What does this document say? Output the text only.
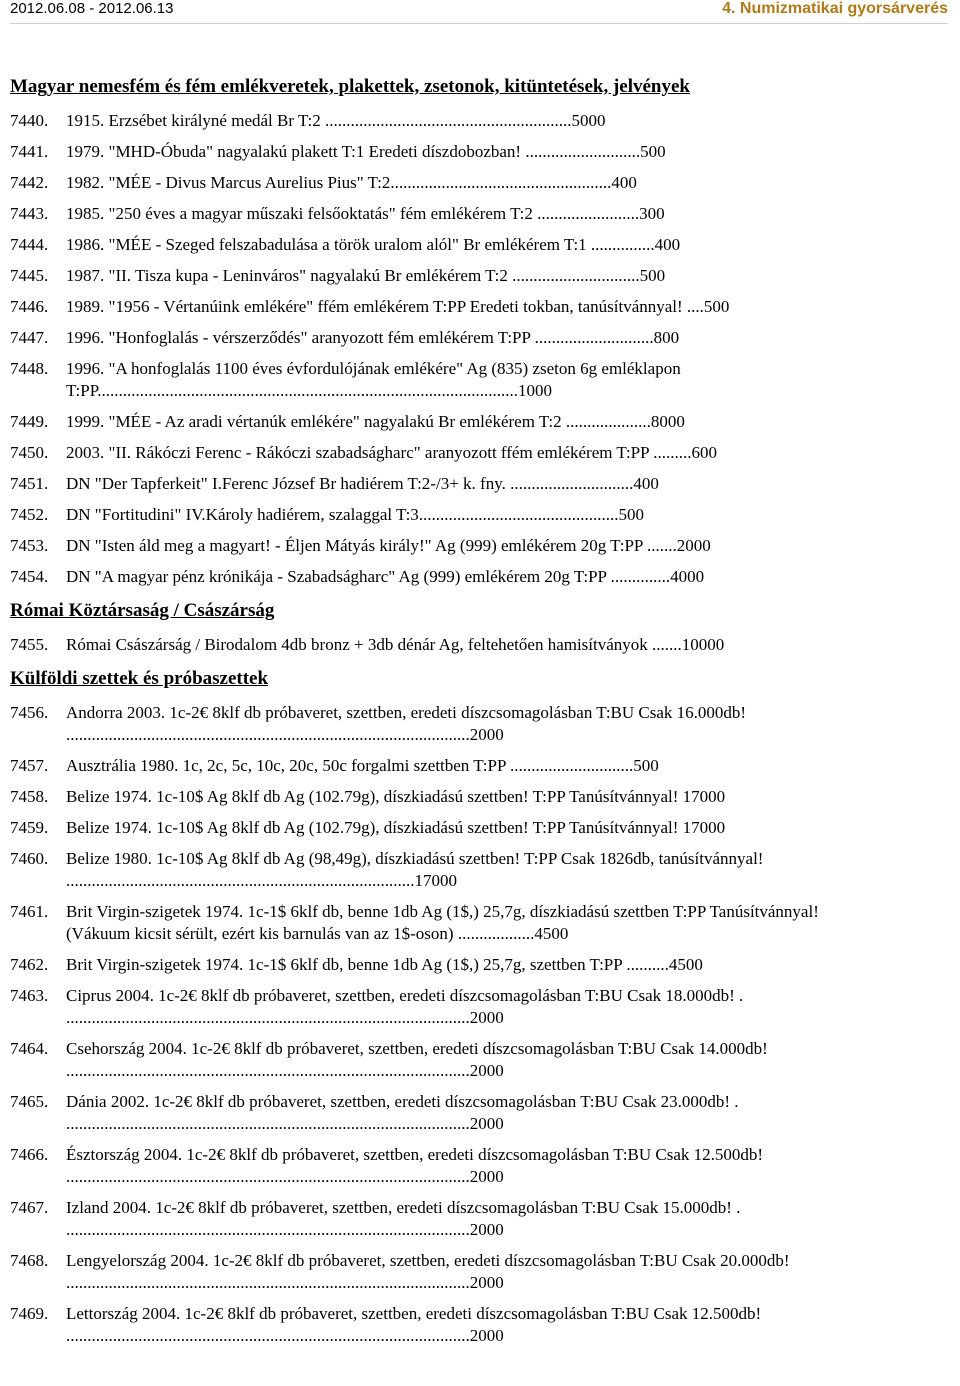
2012.06.08 - 2012.06.13	4. Numizmatikai gyorsárverés
Magyar nemesfém és fém emlékveretek, plakettek, zsetonok, kitüntetések, jelvények
7440.	1915. Erzsébet királyné medál Br T:2 ..........................................................5000
7441.	1979. "MHD-Óbuda" nagyalakú plakett T:1 Eredeti díszdobozban! ...........................500
7442.	1982. "MÉE - Divus Marcus Aurelius Pius" T:2....................................................400
7443.	1985. "250 éves a magyar műszaki felsőoktatás" fém emlékérem T:2 ........................300
7444.	1986. "MÉE - Szeged felszabadulása a török uralom alól" Br emlékérem T:1 ...............400
7445.	1987. "II. Tisza kupa - Leninváros" nagyalakú Br emlékérem T:2 ..............................500
7446.	1989. "1956 - Vértanúink emlékére" ffém emlékérem T:PP Eredeti tokban, tanúsítvánnyal! ....500
7447.	1996. "Honfoglalás - vérszerződés" aranyozott fém emlékérem T:PP ............................800
7448.	1996. "A honfoglalás 1100 éves évfordulójának emlékére" Ag (835) zseton 6g emléklapon T:PP...................................................................................................1000
7449.	1999. "MÉE - Az aradi vértanúk emlékére" nagyalakú Br emlékérem T:2 ....................8000
7450.	2003. "II. Rákóczi Ferenc - Rákóczi szabadságharc" aranyozott ffém emlékérem T:PP .........600
7451.	DN "Der Tapferkeit" I.Ferenc József Br hadiérem T:2-/3+ k. fny. .............................400
7452.	DN "Fortitudini" IV.Károly hadiérem, szalaggal T:3...............................................500
7453.	DN "Isten áld meg a magyart! - Éljen Mátyás király!" Ag (999) emlékérem 20g T:PP .......2000
7454.	DN "A magyar pénz krónikája - Szabadságharc" Ag (999) emlékérem 20g T:PP ..............4000
Római Köztársaság / Császárság
7455.	Római Császárság / Birodalom 4db bronz + 3db dénár Ag, feltehetően hamisítványok .......10000
Külföldi szettek és próbaszettek
7456.	Andorra 2003. 1c-2€ 8klf db próbaveret, szettben, eredeti díszcsomagolásban T:BU Csak 16.000db! ...............................................................................................2000
7457.	Ausztrália 1980. 1c, 2c, 5c, 10c, 20c, 50c forgalmi szettben T:PP .............................500
7458.	Belize 1974. 1c-10$ Ag 8klf db Ag (102.79g), díszkiadású szettben! T:PP Tanúsítvánnyal! 17000
7459.	Belize 1974. 1c-10$ Ag 8klf db Ag (102.79g), díszkiadású szettben! T:PP Tanúsítvánnyal! 17000
7460.	Belize 1980. 1c-10$ Ag 8klf db Ag (98,49g), díszkiadású szettben! T:PP Csak 1826db, tanúsítvánnyal! ..................................................................................17000
7461.	Brit Virgin-szigetek 1974. 1c-1$ 6klf db, benne 1db Ag (1$,) 25,7g, díszkiadású szettben T:PP Tanúsítvánnyal! (Vákuum kicsit sérült, ezért kis barnulás van az 1$-oson) ..................4500
7462.	Brit Virgin-szigetek 1974. 1c-1$ 6klf db, benne 1db Ag (1$,) 25,7g, szettben T:PP ..........4500
7463.	Ciprus 2004. 1c-2€ 8klf db próbaveret, szettben, eredeti díszcsomagolásban T:BU Csak 18.000db! . ...............................................................................................2000
7464.	Csehország 2004. 1c-2€ 8klf db próbaveret, szettben, eredeti díszcsomagolásban T:BU Csak 14.000db! ...............................................................................................2000
7465.	Dánia 2002. 1c-2€ 8klf db próbaveret, szettben, eredeti díszcsomagolásban T:BU Csak 23.000db! . ...............................................................................................2000
7466.	Észtország 2004. 1c-2€ 8klf db próbaveret, szettben, eredeti díszcsomagolásban T:BU Csak 12.500db! ...............................................................................................2000
7467.	Izland 2004. 1c-2€ 8klf db próbaveret, szettben, eredeti díszcsomagolásban T:BU Csak 15.000db! . ...............................................................................................2000
7468.	Lengyelország 2004. 1c-2€ 8klf db próbaveret, szettben, eredeti díszcsomagolásban T:BU Csak 20.000db! ...............................................................................................2000
7469.	Lettország 2004. 1c-2€ 8klf db próbaveret, szettben, eredeti díszcsomagolásban T:BU Csak 12.500db! ...............................................................................................2000
